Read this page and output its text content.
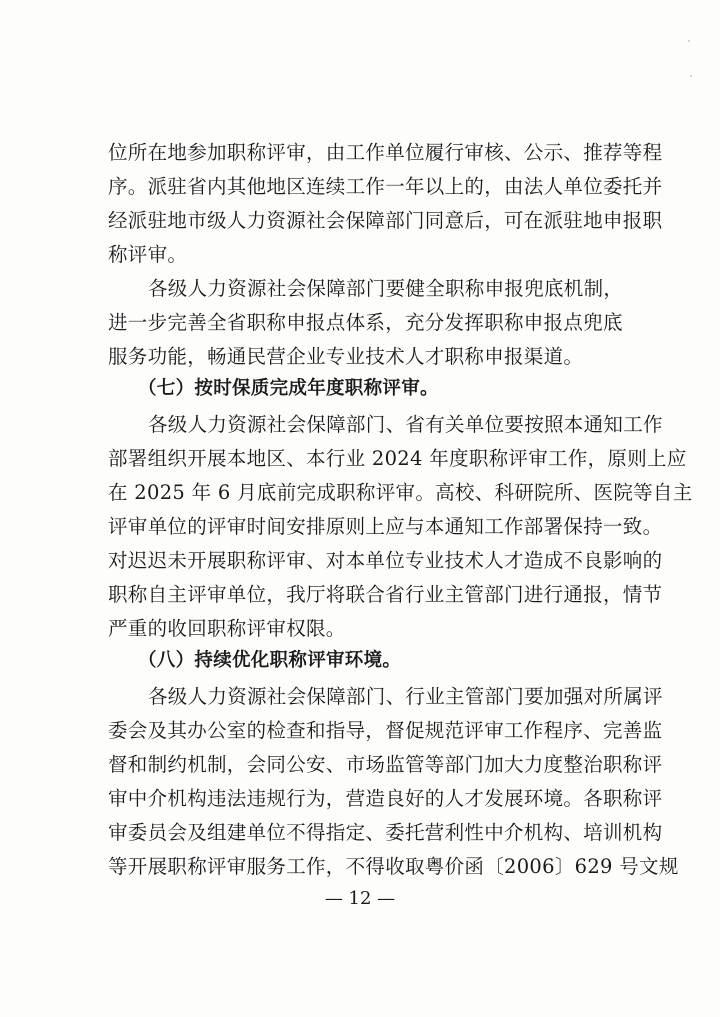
位所在地参加职称评审，由工作单位履行审核、公示、推荐等程
序。派驻省内其他地区连续工作一年以上的，由法人单位委托并
经派驻地市级人力资源社会保障部门同意后，可在派驻地申报职
称评审。
各级人力资源社会保障部门要健全职称申报兜底机制，
进一步完善全省职称申报点体系，充分发挥职称申报点兜底
服务功能，畅通民营企业专业技术人才职称申报渠道。
（七）按时保质完成年度职称评审。
各级人力资源社会保障部门、省有关单位要按照本通知工作
部署组织开展本地区、本行业 2024 年度职称评审工作，原则上应
在 2025 年 6 月底前完成职称评审。高校、科研院所、医院等自主
评审单位的评审时间安排原则上应与本通知工作部署保持一致。
对迟迟未开展职称评审、对本单位专业技术人才造成不良影响的
职称自主评审单位，我厅将联合省行业主管部门进行通报，情节
严重的收回职称评审权限。
（八）持续优化职称评审环境。
各级人力资源社会保障部门、行业主管部门要加强对所属评
委会及其办公室的检查和指导，督促规范评审工作程序、完善监
督和制约机制，会同公安、市场监管等部门加大力度整治职称评
审中介机构违法违规行为，营造良好的人才发展环境。各职称评
审委员会及组建单位不得指定、委托营利性中介机构、培训机构
等开展职称评审服务工作，不得收取粤价函〔2006〕629 号文规
— 12 —
